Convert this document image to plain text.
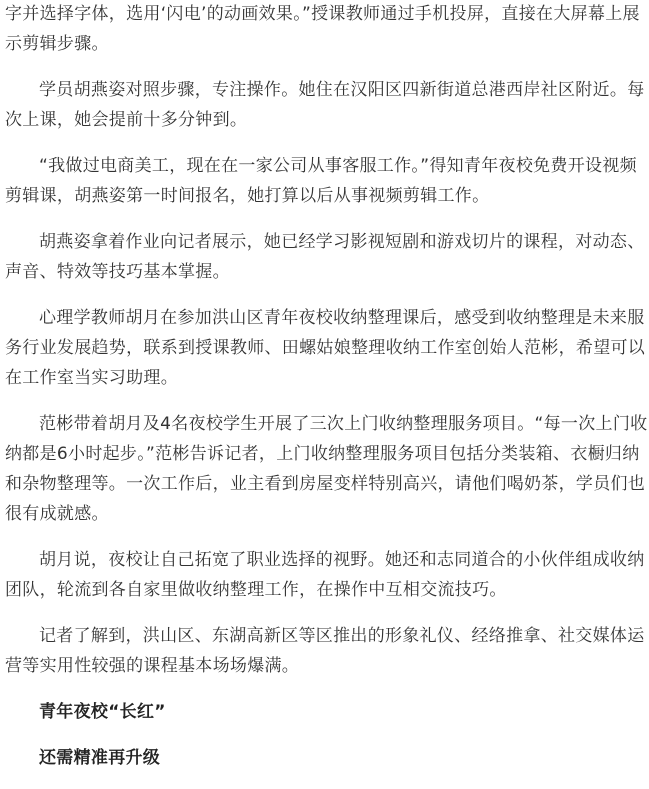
字并选择字体，选用‘闪电’的动画效果。”授课教师通过手机投屏，直接在大屏幕上展示剪辑步骤。

学员胡燕姿对照步骤，专注操作。她住在汉阳区四新街道总港西岸社区附近。每次上课，她会提前十多分钟到。

“我做过电商美工，现在在一家公司从事客服工作。”得知青年夜校免费开设视频剪辑课，胡燕姿第一时间报名，她打算以后从事视频剪辑工作。

胡燕姿拿着作业向记者展示，她已经学习影视短剧和游戏切片的课程，对动态、声音、特效等技巧基本掌握。

心理学教师胡月在参加洪山区青年夜校收纳整理课后，感受到收纳整理是未来服务行业发展趋势，联系到授课教师、田螺姑娘整理收纳工作室创始人范彬，希望可以在工作室当实习助理。

范彬带着胡月及4名夜校学生开展了三次上门收纳整理服务项目。“每一次上门收纳都是6小时起步。”范彬告诉记者，上门收纳整理服务项目包括分类装箱、衣橱归纳和杂物整理等。一次工作后，业主看到房屋变样特别高兴，请他们喝奶茶，学员们也很有成就感。

胡月说，夜校让自己拓宽了职业选择的视野。她还和志同道合的小伙伴组成收纳团队，轮流到各自家里做收纳整理工作，在操作中互相交流技巧。

记者了解到，洪山区、东湖高新区等区推出的形象礼仪、经络推拿、社交媒体运营等实用性较强的课程基本场场爆满。

青年夜校“长红”

还需精准再升级
